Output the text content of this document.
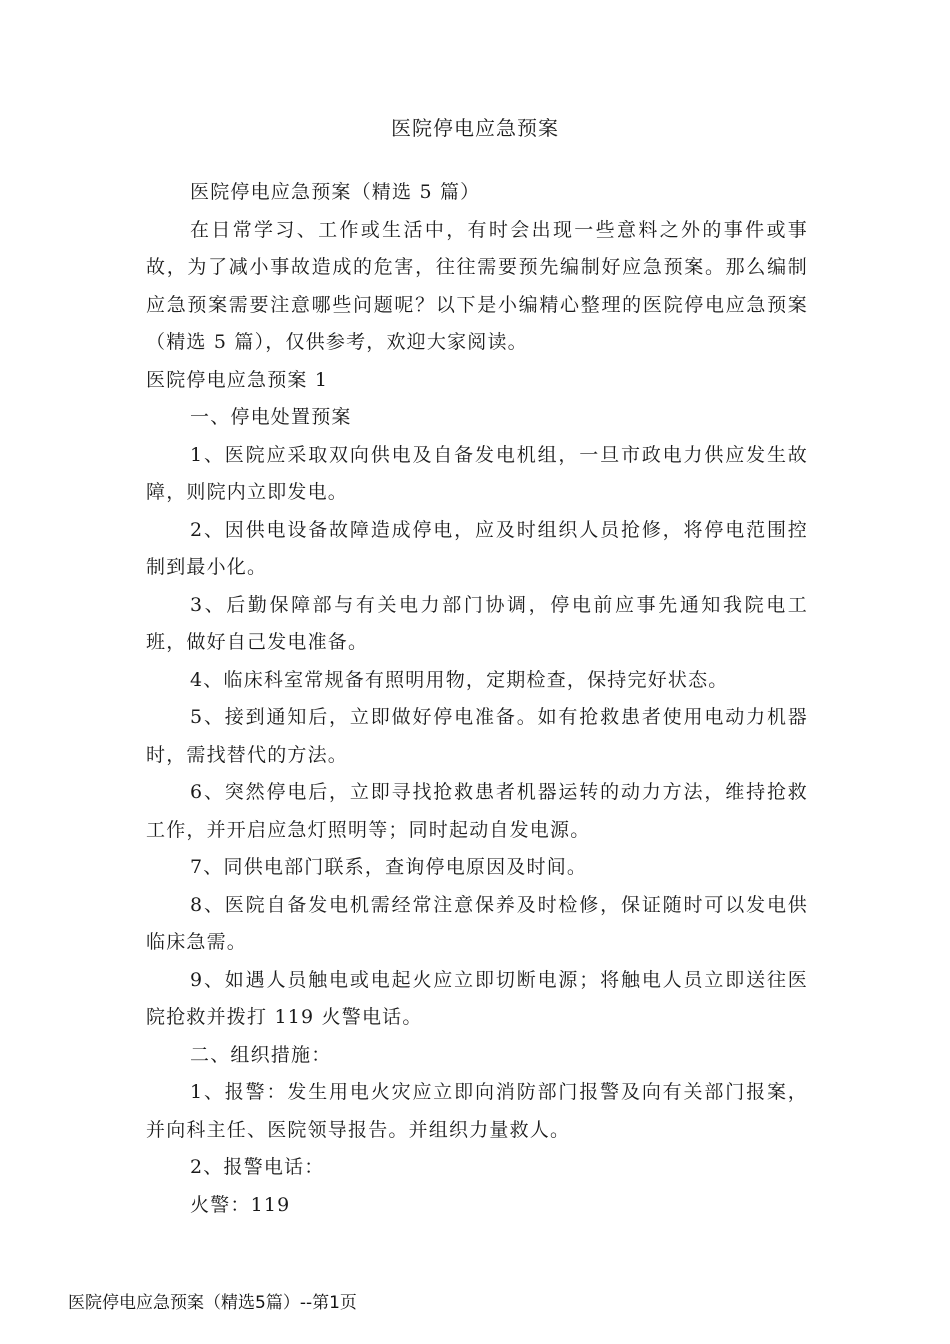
医院停电应急预案

医院停电应急预案（精选 5 篇）

在日常学习、工作或生活中，有时会出现一些意料之外的事件或事故，为了减小事故造成的危害，往往需要预先编制好应急预案。那么编制应急预案需要注意哪些问题呢？以下是小编精心整理的医院停电应急预案（精选 5 篇），仅供参考，欢迎大家阅读。

医院停电应急预案 1

一、停电处置预案

1、医院应采取双向供电及自备发电机组，一旦市政电力供应发生故障，则院内立即发电。

2、因供电设备故障造成停电，应及时组织人员抢修，将停电范围控制到最小化。

3、后勤保障部与有关电力部门协调，停电前应事先通知我院电工班，做好自己发电准备。

4、临床科室常规备有照明用物，定期检查，保持完好状态。

5、接到通知后，立即做好停电准备。如有抢救患者使用电动力机器时，需找替代的方法。

6、突然停电后，立即寻找抢救患者机器运转的动力方法，维持抢救工作，并开启应急灯照明等；同时起动自发电源。

7、同供电部门联系，查询停电原因及时间。

8、医院自备发电机需经常注意保养及时检修，保证随时可以发电供临床急需。

9、如遇人员触电或电起火应立即切断电源；将触电人员立即送往医院抢救并拨打 119 火警电话。

二、组织措施：

1、报警：发生用电火灾应立即向消防部门报警及向有关部门报案，并向科主任、医院领导报告。并组织力量救人。

2、报警电话：

火警：119

医院停电应急预案（精选5篇）--第1页
